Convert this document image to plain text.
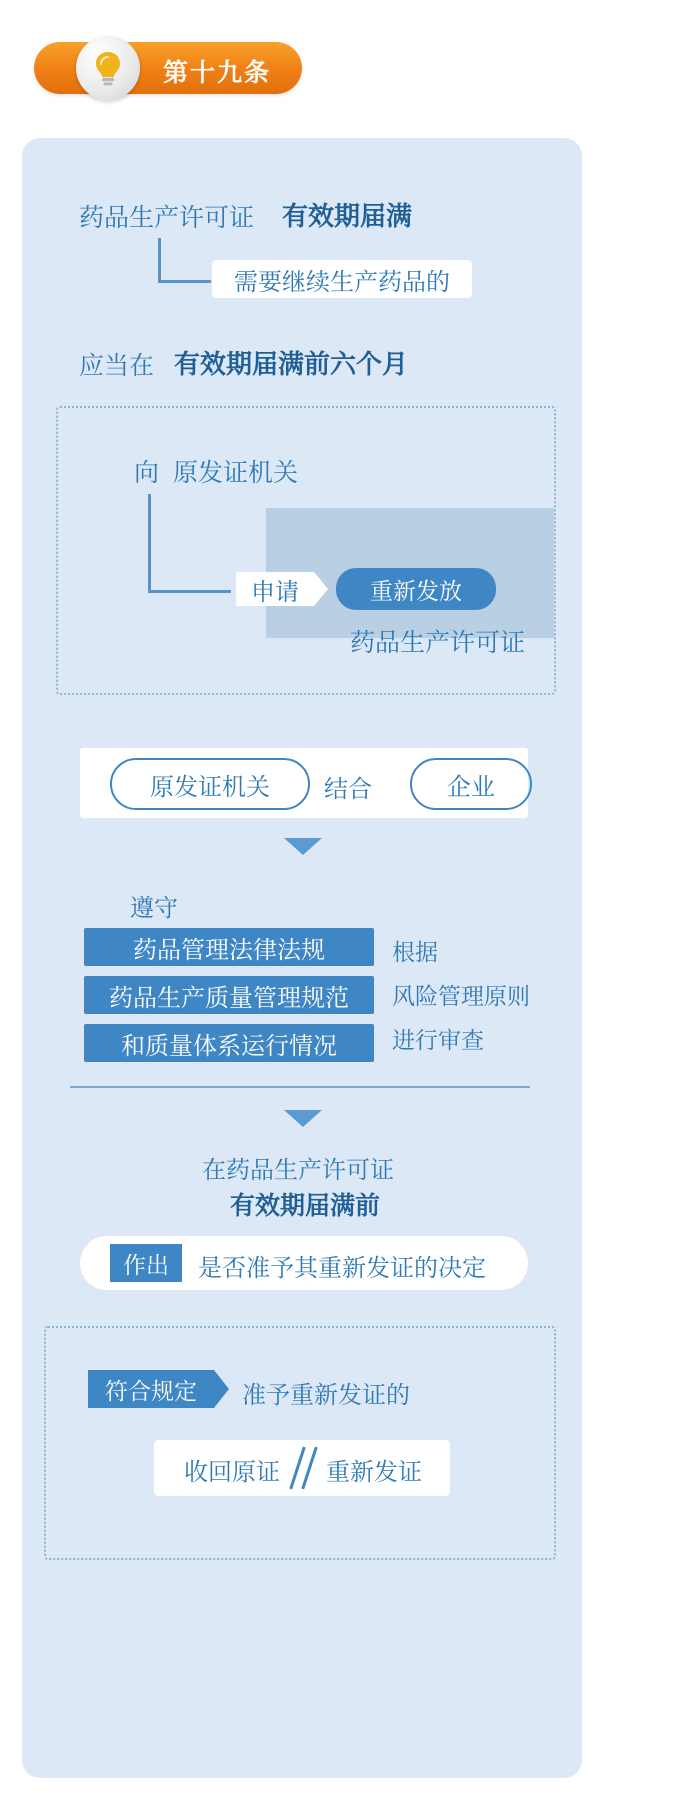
第十九条
药品生产许可证 有效期届满
需要继续生产药品的
应当在 有效期届满前六个月
向 原发证机关
申请	重新发放
药品生产许可证
原发证机关	结合	企业
遵守
药品管理法律法规
药品生产质量管理规范
和质量体系运行情况
根据
风险管理原则
进行审查
在药品生产许可证
有效期届满前
作出 是否准予其重新发证的决定
符合规定 准予重新发证的
收回原证 重新发证
